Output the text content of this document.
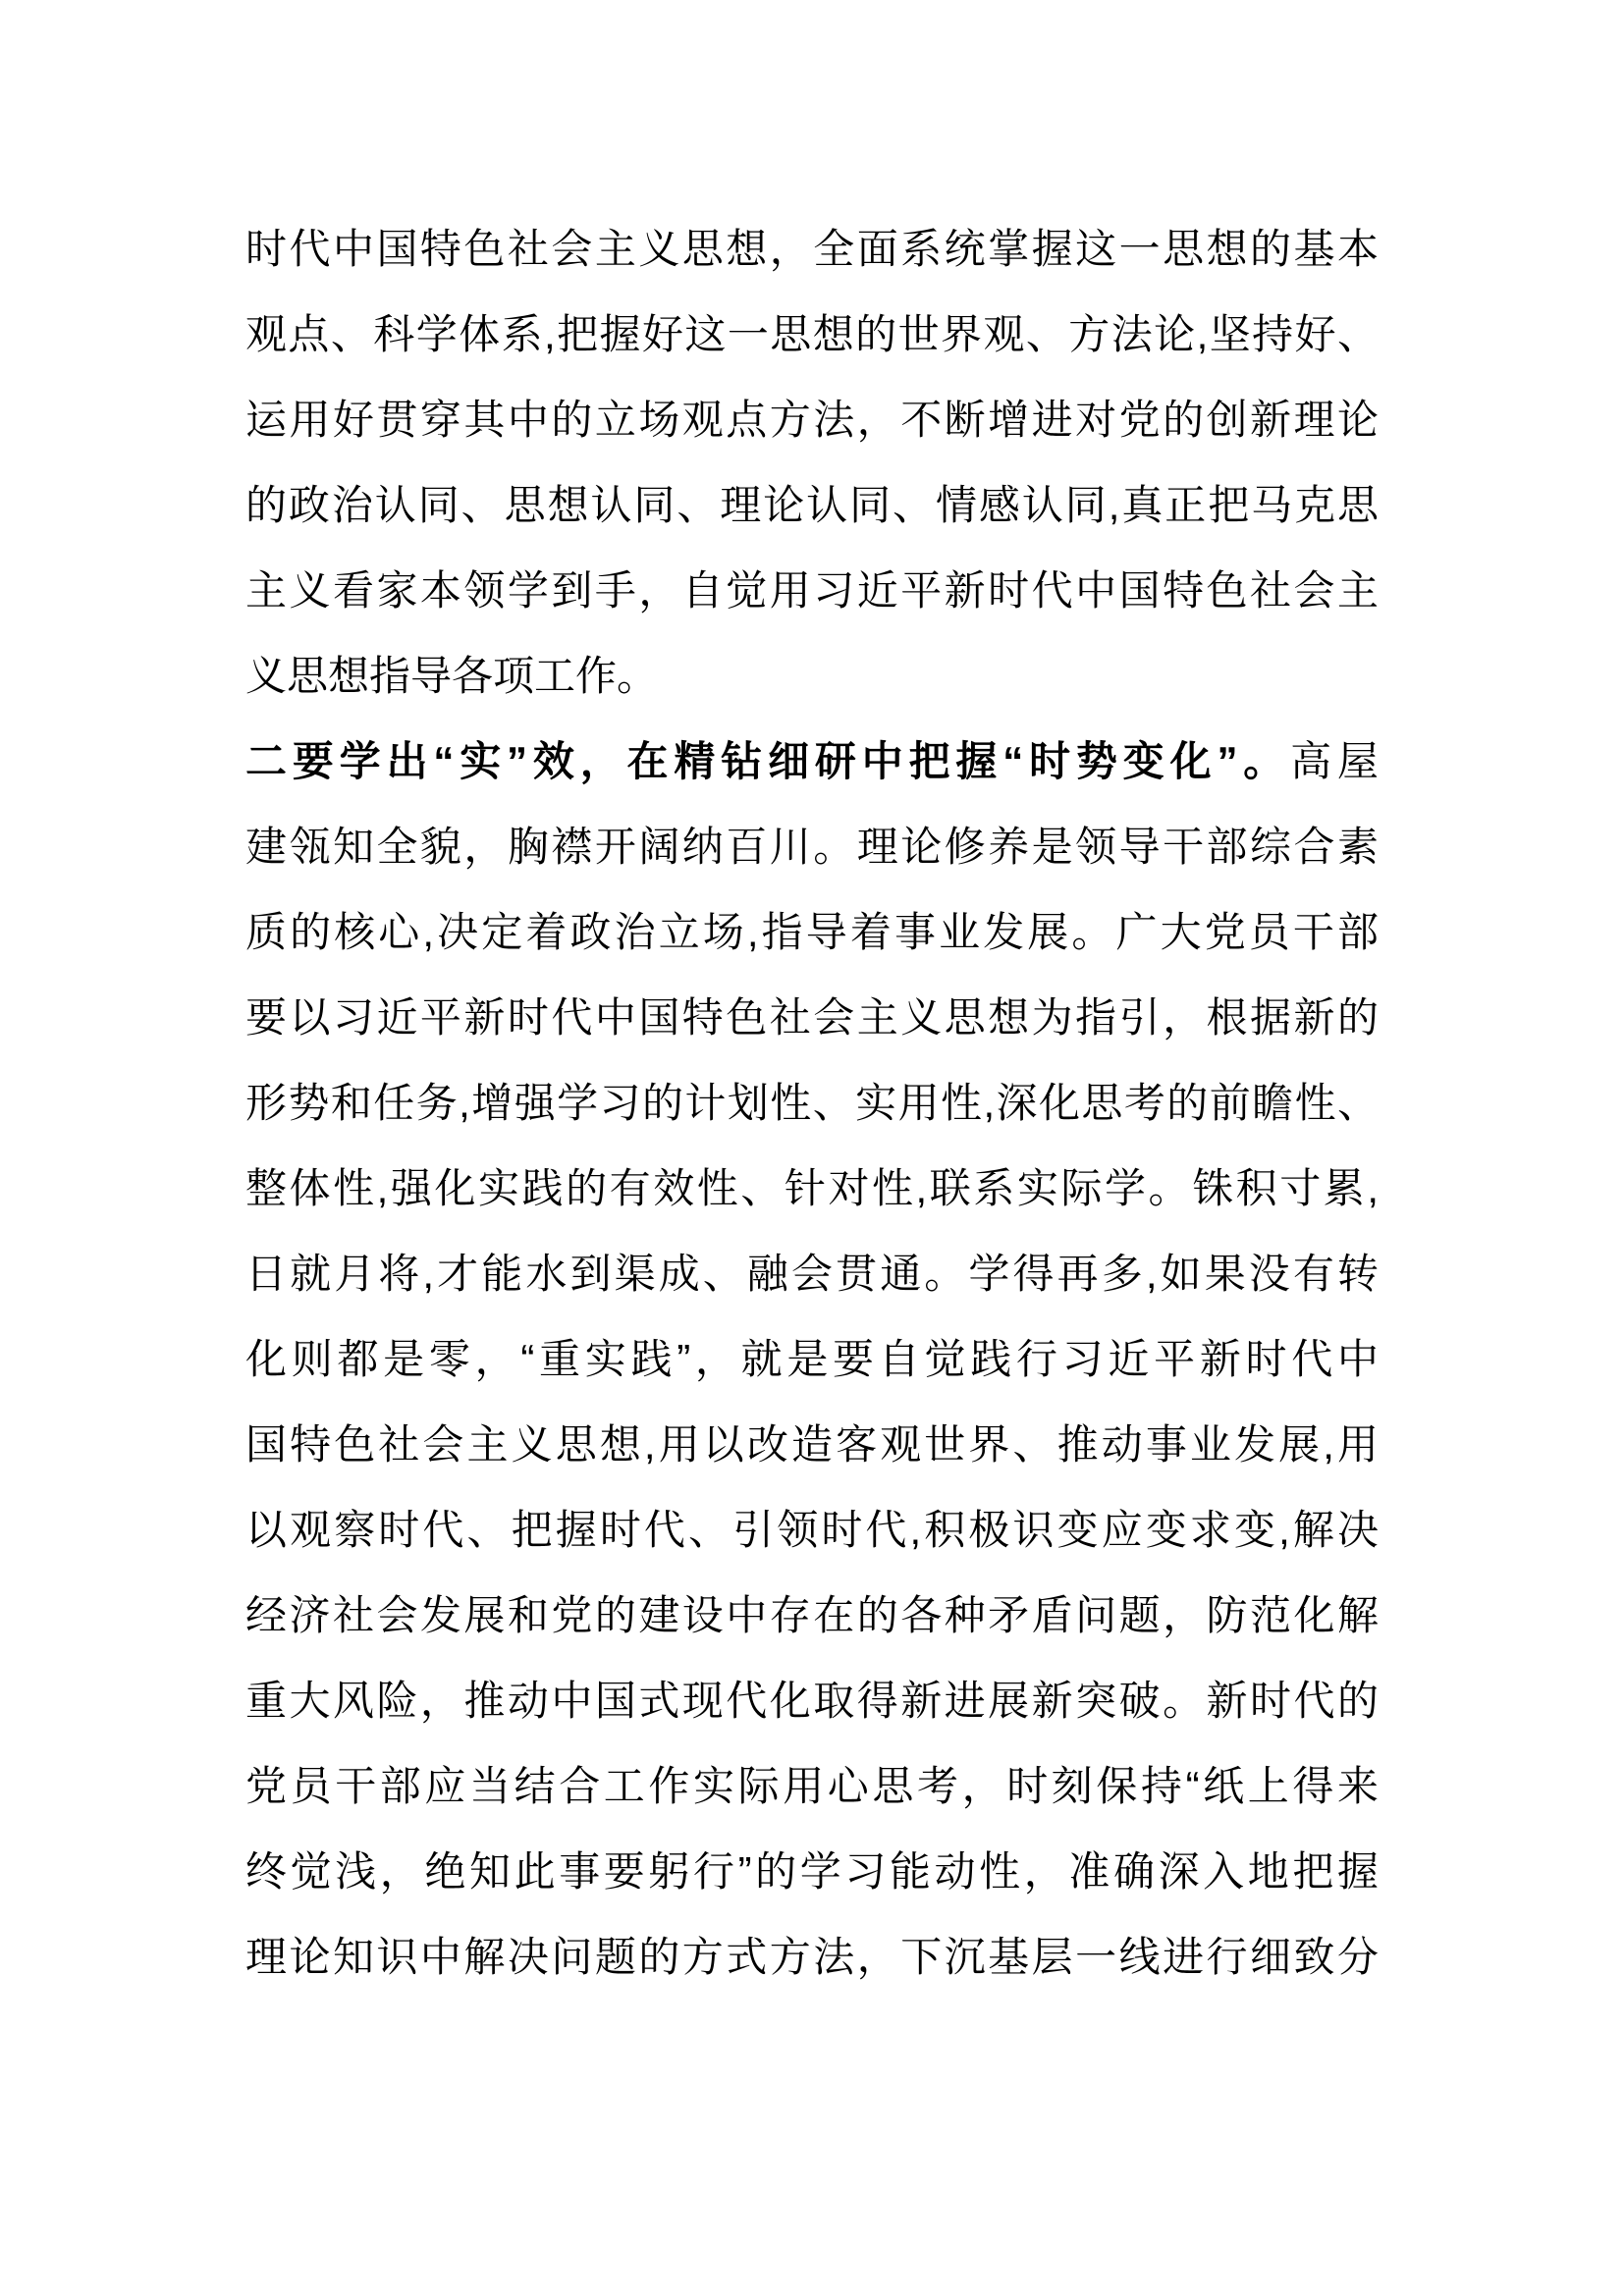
时代中国特色社会主义思想，全面系统掌握这一思想的基本
观点、科学体系,把握好这一思想的世界观、方法论,坚持好、
运用好贯穿其中的立场观点方法，不断增进对党的创新理论
的政治认同、思想认同、理论认同、情感认同,真正把马克思
主义看家本领学到手，自觉用习近平新时代中国特色社会主
义思想指导各项工作。
二要学出“实”效，在精钻细研中把握“时势变化”。高屋
建瓴知全貌，胸襟开阔纳百川。理论修养是领导干部综合素
质的核心,决定着政治立场,指导着事业发展。广大党员干部
要以习近平新时代中国特色社会主义思想为指引，根据新的
形势和任务,增强学习的计划性、实用性,深化思考的前瞻性、
整体性,强化实践的有效性、针对性,联系实际学。铢积寸累,
日就月将,才能水到渠成、融会贯通。学得再多,如果没有转
化则都是零，“重实践”，就是要自觉践行习近平新时代中
国特色社会主义思想,用以改造客观世界、推动事业发展,用
以观察时代、把握时代、引领时代,积极识变应变求变,解决
经济社会发展和党的建设中存在的各种矛盾问题，防范化解
重大风险，推动中国式现代化取得新进展新突破。新时代的
党员干部应当结合工作实际用心思考，时刻保持“纸上得来
终觉浅，绝知此事要躬行”的学习能动性，准确深入地把握
理论知识中解决问题的方式方法，下沉基层一线进行细致分
